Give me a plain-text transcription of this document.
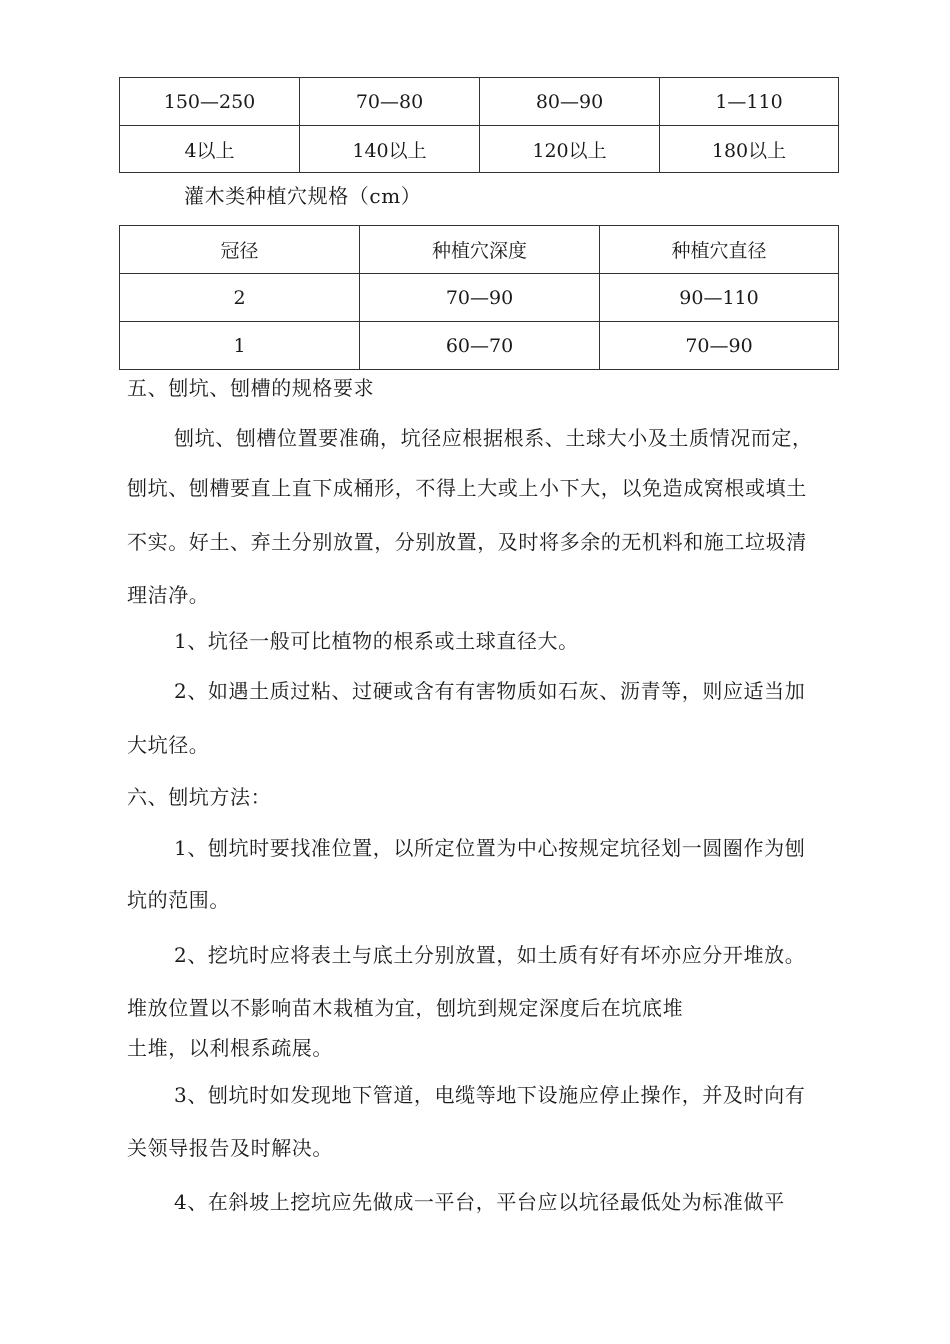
150—250	70—80	80—90	1—110
4以上	140以上	120以上	180以上
灌木类种植穴规格（cm）
冠径	种植穴深度	种植穴直径
2	70—90	90—110
1	60—70	70—90
五、刨坑、刨槽的规格要求
刨坑、刨槽位置要准确，坑径应根据根系、土球大小及土质情况而定，
刨坑、刨槽要直上直下成桶形，不得上大或上小下大，以免造成窝根或填土
不实。好土、弃土分别放置，分别放置，及时将多余的无机料和施工垃圾清
理洁净。
1、坑径一般可比植物的根系或土球直径大。
2、如遇土质过粘、过硬或含有有害物质如石灰、沥青等，则应适当加
大坑径。
六、刨坑方法：
1、刨坑时要找准位置，以所定位置为中心按规定坑径划一圆圈作为刨
坑的范围。
2、挖坑时应将表土与底土分别放置，如土质有好有坏亦应分开堆放。
堆放位置以不影响苗木栽植为宜，刨坑到规定深度后在坑底堆
土堆，以利根系疏展。
3、刨坑时如发现地下管道，电缆等地下设施应停止操作，并及时向有
关领导报告及时解决。
4、在斜坡上挖坑应先做成一平台，平台应以坑径最低处为标准做平
